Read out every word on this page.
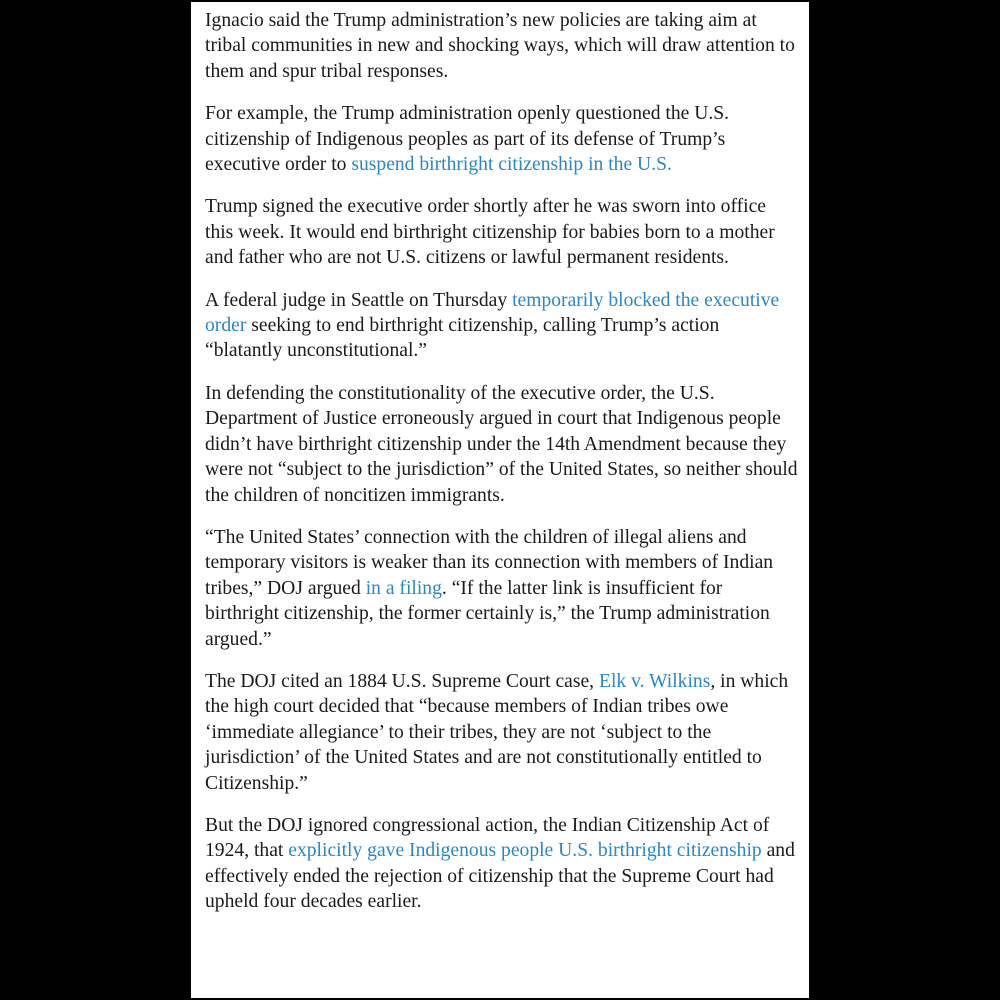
Ignacio said the Trump administration’s new policies are taking aim at tribal communities in new and shocking ways, which will draw attention to them and spur tribal responses.

For example, the Trump administration openly questioned the U.S. citizenship of Indigenous peoples as part of its defense of Trump’s executive order to suspend birthright citizenship in the U.S.

Trump signed the executive order shortly after he was sworn into office this week. It would end birthright citizenship for babies born to a mother and father who are not U.S. citizens or lawful permanent residents.

A federal judge in Seattle on Thursday temporarily blocked the executive order seeking to end birthright citizenship, calling Trump’s action “blatantly unconstitutional.”

In defending the constitutionality of the executive order, the U.S. Department of Justice erroneously argued in court that Indigenous people didn’t have birthright citizenship under the 14th Amendment because they were not “subject to the jurisdiction” of the United States, so neither should the children of noncitizen immigrants.

“The United States’ connection with the children of illegal aliens and temporary visitors is weaker than its connection with members of Indian tribes,” DOJ argued in a filing. “If the latter link is insufficient for birthright citizenship, the former certainly is,” the Trump administration argued.”

The DOJ cited an 1884 U.S. Supreme Court case, Elk v. Wilkins, in which the high court decided that “because members of Indian tribes owe ‘immediate allegiance’ to their tribes, they are not ‘subject to the jurisdiction’ of the United States and are not constitutionally entitled to Citizenship.”

But the DOJ ignored congressional action, the Indian Citizenship Act of 1924, that explicitly gave Indigenous people U.S. birthright citizenship and effectively ended the rejection of citizenship that the Supreme Court had upheld four decades earlier.
